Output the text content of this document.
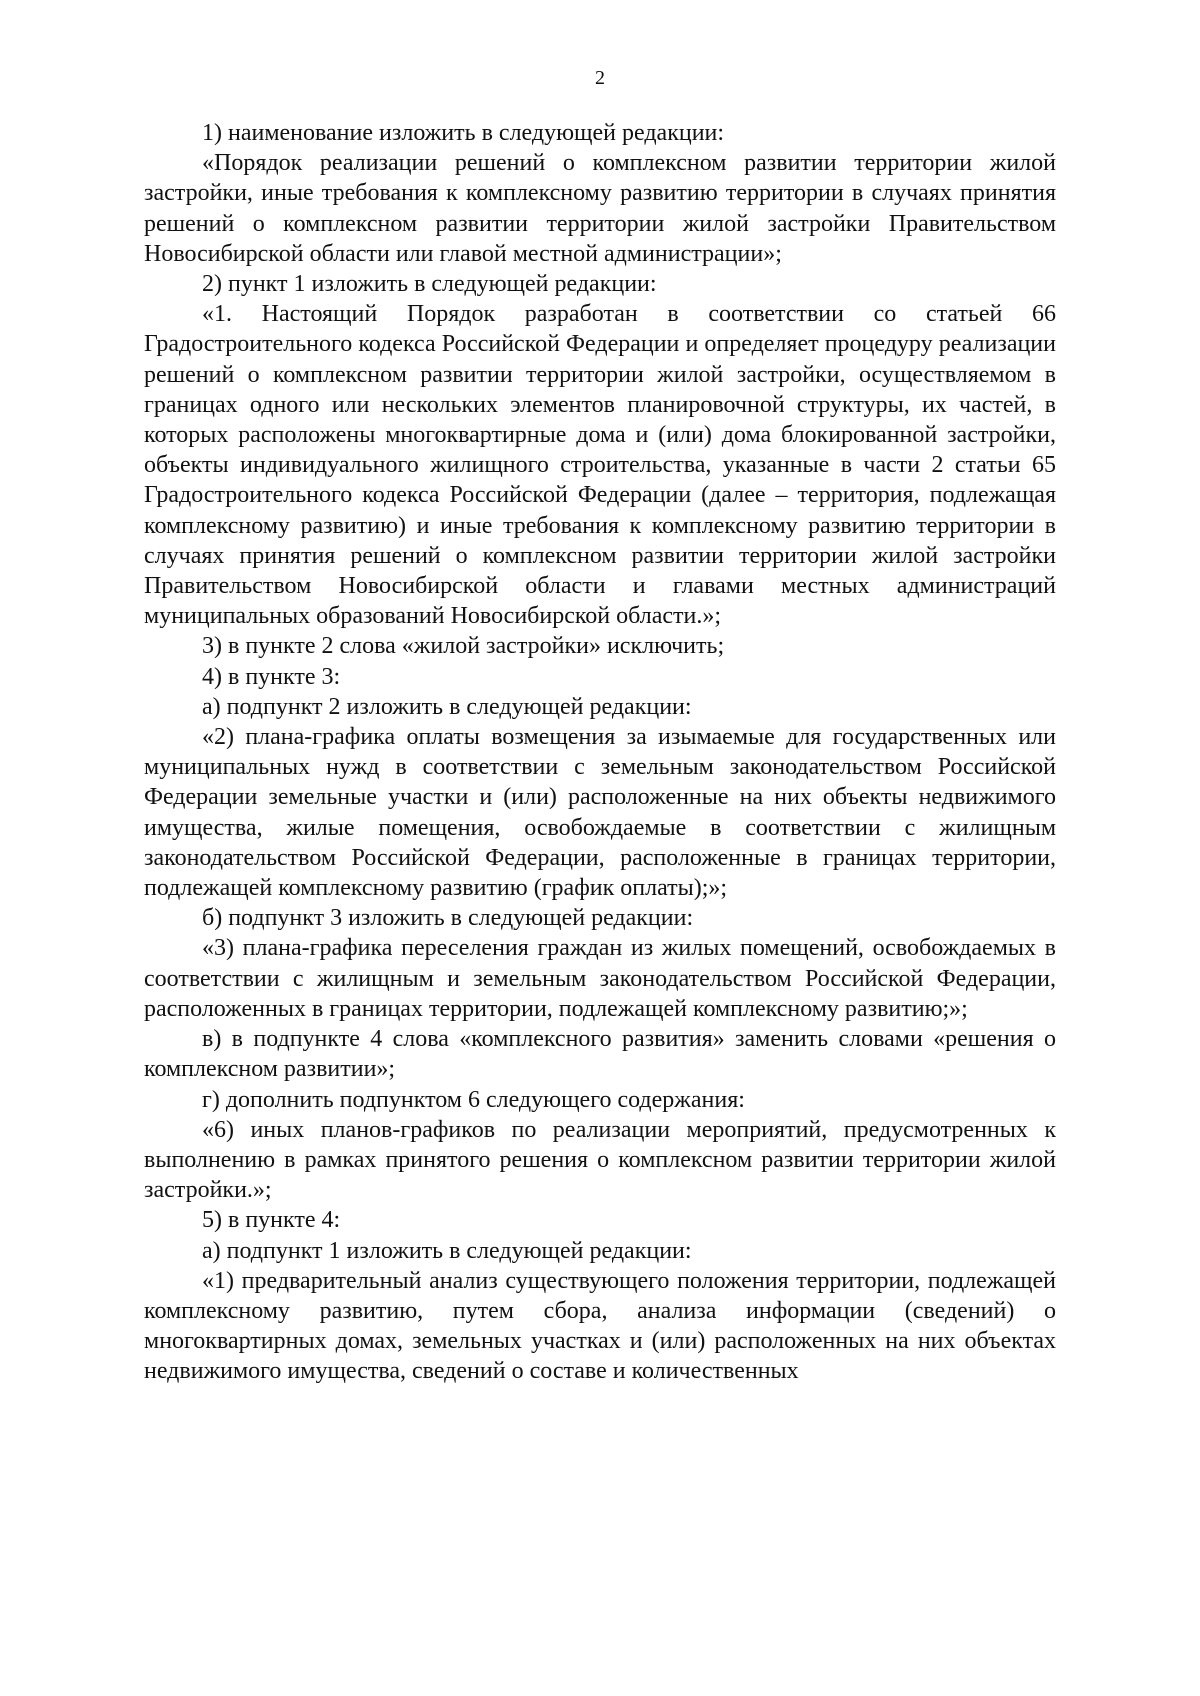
2

1) наименование изложить в следующей редакции:

«Порядок реализации решений о комплексном развитии территории жилой застройки, иные требования к комплексному развитию территории в случаях принятия решений о комплексном развитии территории жилой застройки Правительством Новосибирской области или главой местной администрации»;

2) пункт 1 изложить в следующей редакции:

«1. Настоящий Порядок разработан в соответствии со статьей 66 Градостроительного кодекса Российской Федерации и определяет процедуру реализации решений о комплексном развитии территории жилой застройки, осуществляемом в границах одного или нескольких элементов планировочной структуры, их частей, в которых расположены многоквартирные дома и (или) дома блокированной застройки, объекты индивидуального жилищного строительства, указанные в части 2 статьи 65 Градостроительного кодекса Российской Федерации (далее – территория, подлежащая комплексному развитию) и иные требования к комплексному развитию территории в случаях принятия решений о комплексном развитии территории жилой застройки Правительством Новосибирской области и главами местных администраций муниципальных образований Новосибирской области.»;

3) в пункте 2 слова «жилой застройки» исключить;

4) в пункте 3:

а) подпункт 2 изложить в следующей редакции:

«2) плана-графика оплаты возмещения за изымаемые для государственных или муниципальных нужд в соответствии с земельным законодательством Российской Федерации земельные участки и (или) расположенные на них объекты недвижимого имущества, жилые помещения, освобождаемые в соответствии с жилищным законодательством Российской Федерации, расположенные в границах территории, подлежащей комплексному развитию (график оплаты);»;

б) подпункт 3 изложить в следующей редакции:

«3) плана-графика переселения граждан из жилых помещений, освобождаемых в соответствии с жилищным и земельным законодательством Российской Федерации, расположенных в границах территории, подлежащей комплексному развитию;»;

в) в подпункте 4 слова «комплексного развития» заменить словами «решения о комплексном развитии»;

г) дополнить подпунктом 6 следующего содержания:

«6) иных планов-графиков по реализации мероприятий, предусмотренных к выполнению в рамках принятого решения о комплексном развитии территории жилой застройки.»;

5) в пункте 4:

а) подпункт 1 изложить в следующей редакции:

«1) предварительный анализ существующего положения территории, подлежащей комплексному развитию, путем сбора, анализа информации (сведений) о многоквартирных домах, земельных участках и (или) расположенных на них объектах недвижимого имущества, сведений о составе и количественных
